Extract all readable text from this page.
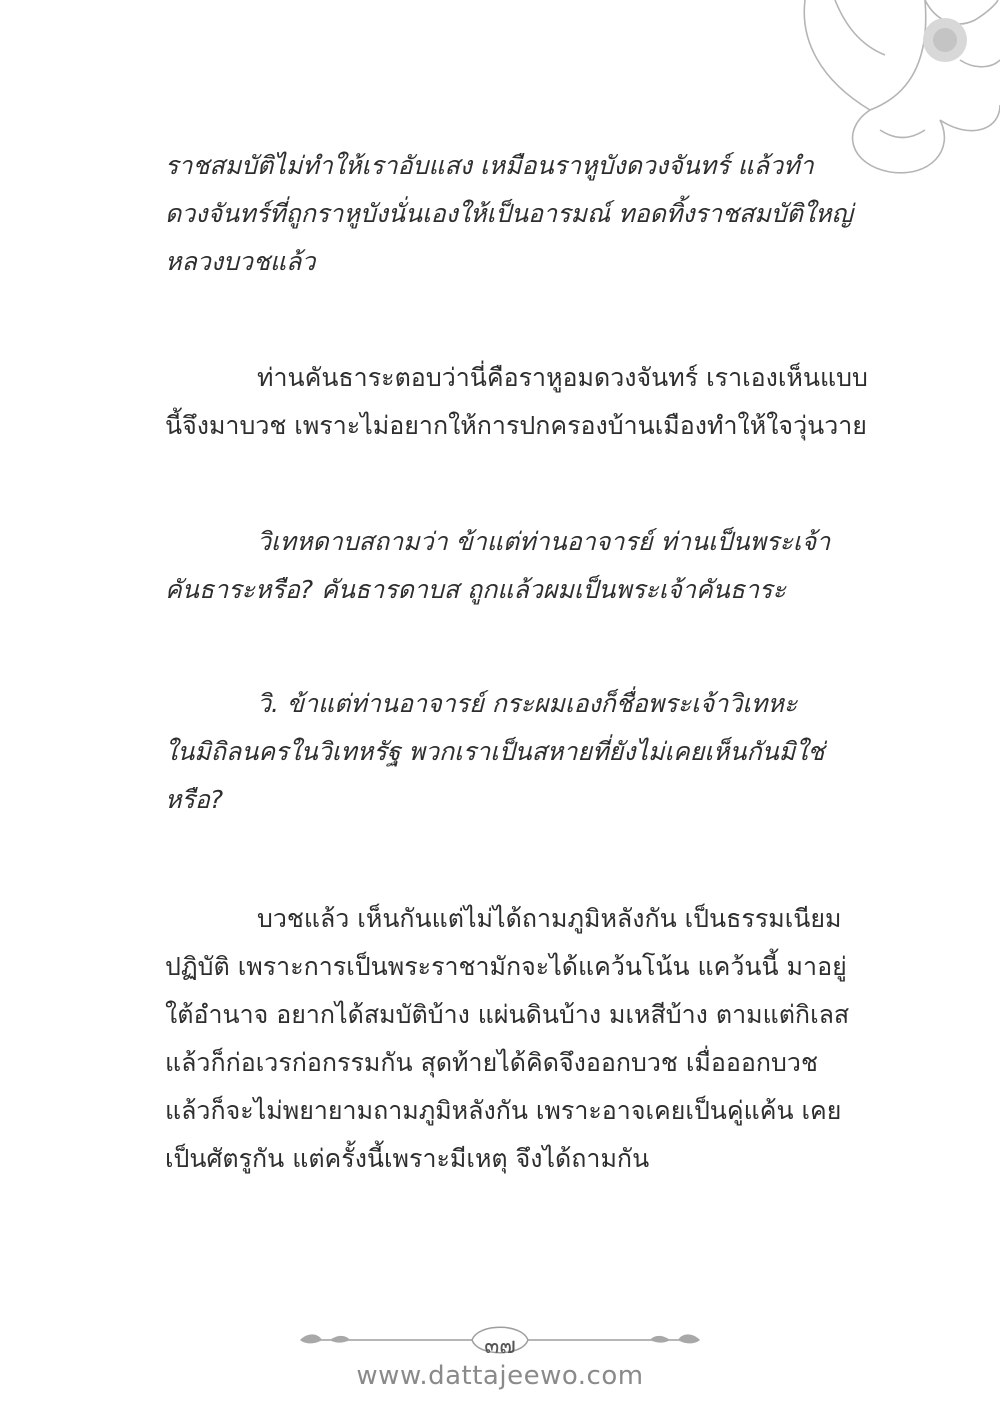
ราชสมบัติไม่ทำให้เราอับแสง เหมือนราหูบังดวงจันทร์ แล้วทำ
ดวงจันทร์ที่ถูกราหูบังนั่นเองให้เป็นอารมณ์ ทอดทิ้งราชสมบัติใหญ่
หลวงบวชแล้ว

ท่านคันธาระตอบว่านี่คือราหูอมดวงจันทร์ เราเองเห็นแบบ
นี้จึงมาบวช เพราะไม่อยากให้การปกครองบ้านเมืองทำให้ใจวุ่นวาย

วิเทหดาบสถามว่า ข้าแต่ท่านอาจารย์ ท่านเป็นพระเจ้า
คันธาระหรือ? คันธารดาบส ถูกแล้วผมเป็นพระเจ้าคันธาระ

วิ. ข้าแต่ท่านอาจารย์ กระผมเองก็ชื่อพระเจ้าวิเทหะ
ในมิถิลนครในวิเทหรัฐ พวกเราเป็นสหายที่ยังไม่เคยเห็นกันมิใช่
หรือ?

บวชแล้ว เห็นกันแต่ไม่ได้ถามภูมิหลังกัน เป็นธรรมเนียม
ปฏิบัติ เพราะการเป็นพระราชามักจะได้แคว้นโน้น แคว้นนี้ มาอยู่
ใต้อำนาจ อยากได้สมบัติบ้าง แผ่นดินบ้าง มเหสีบ้าง ตามแต่กิเลส
แล้วก็ก่อเวรก่อกรรมกัน สุดท้ายได้คิดจึงออกบวช เมื่อออกบวช
แล้วก็จะไม่พยายามถามภูมิหลังกัน เพราะอาจเคยเป็นคู่แค้น เคย
เป็นศัตรูกัน แต่ครั้งนี้เพราะมีเหตุ จึงได้ถามกัน

๓๗
www.dattajeewo.com
